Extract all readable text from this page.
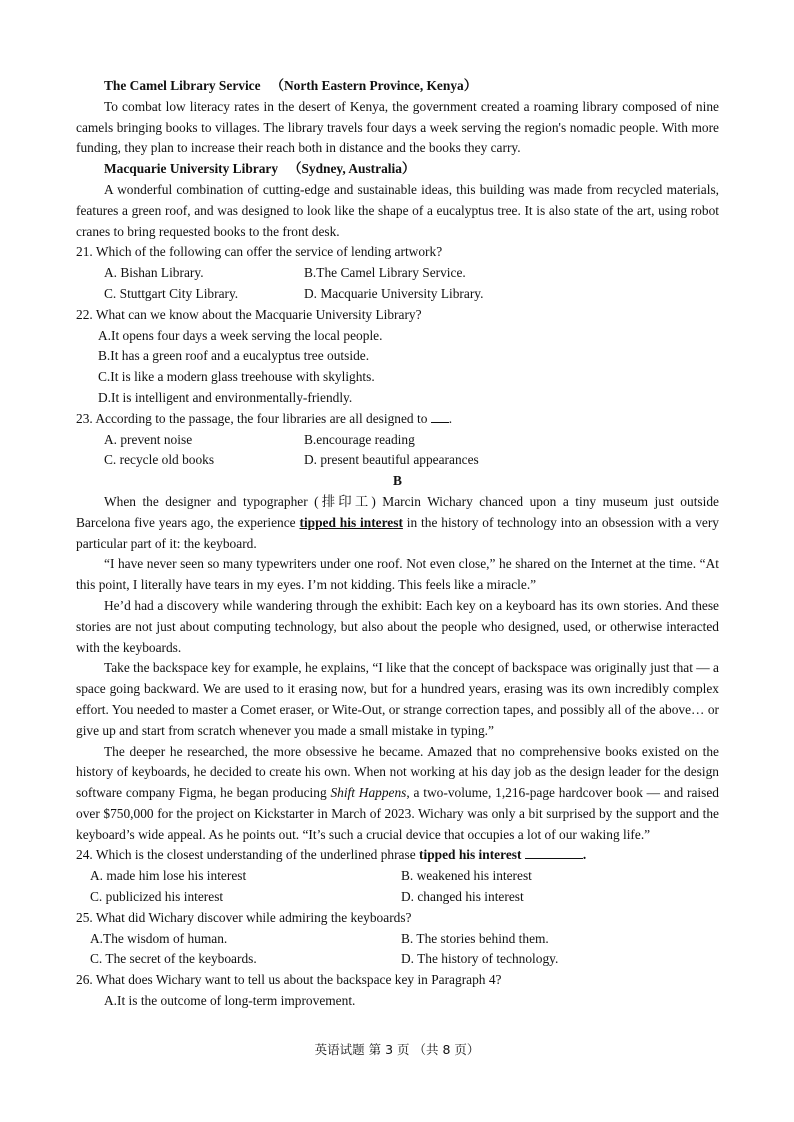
The Camel Library Service （North Eastern Province, Kenya）

To combat low literacy rates in the desert of Kenya, the government created a roaming library composed of nine camels bringing books to villages. The library travels four days a week serving the region's nomadic people. With more funding, they plan to increase their reach both in distance and the books they carry.

Macquarie University Library （Sydney, Australia）

A wonderful combination of cutting-edge and sustainable ideas, this building was made from recycled materials, features a green roof, and was designed to look like the shape of a eucalyptus tree. It is also state of the art, using robot cranes to bring requested books to the front desk.

21. Which of the following can offer the service of lending artwork?

A. Bishan Library.	B.The Camel Library Service.
C. Stuttgart City Library.	D. Macquarie University Library.

22. What can we know about the Macquarie University Library?

A.It opens four days a week serving the local people.

B.It has a green roof and a eucalyptus tree outside.

C.It is like a modern glass treehouse with skylights.

D.It is intelligent and environmentally-friendly.

23. According to the passage, the four libraries are all designed to .

A. prevent noise	B.encourage reading
C. recycle old books	D. present beautiful appearances

B

When the designer and typographer (排印工) Marcin Wichary chanced upon a tiny museum just outside Barcelona five years ago, the experience tipped his interest in the history of technology into an obsession with a very particular part of it: the keyboard.

“I have never seen so many typewriters under one roof. Not even close,” he shared on the Internet at the time. “At this point, I literally have tears in my eyes. I’m not kidding. This feels like a miracle.”

He’d had a discovery while wandering through the exhibit: Each key on a keyboard has its own stories. And these stories are not just about computing technology, but also about the people who designed, used, or otherwise interacted with the keyboards.

Take the backspace key for example, he explains, “I like that the concept of backspace was originally just that — a space going backward. We are used to it erasing now, but for a hundred years, erasing was its own incredibly complex effort. You needed to master a Comet eraser, or Wite-Out, or strange correction tapes, and possibly all of the above… or give up and start from scratch whenever you made a small mistake in typing.”

The deeper he researched, the more obsessive he became. Amazed that no comprehensive books existed on the history of keyboards, he decided to create his own. When not working at his day job as the design leader for the design software company Figma, he began producing Shift Happens, a two-volume, 1,216-page hardcover book — and raised over $750,000 for the project on Kickstarter in March of 2023. Wichary was only a bit surprised by the support and the keyboard’s wide appeal. As he points out. “It’s such a crucial device that occupies a lot of our waking life.”

24. Which is the closest understanding of the underlined phrase tipped his interest	.

A. made him lose his interest	B. weakened his interest
C. publicized his interest	D. changed his interest

25. What did Wichary discover while admiring the keyboards?

A.The wisdom of human.	B. The stories behind them.
C. The secret of the keyboards.	D. The history of technology.

26. What does Wichary want to tell us about the backspace key in Paragraph 4?

A.It is the outcome of long-term improvement.

英语试题 第 3 页 （共 8 页）
